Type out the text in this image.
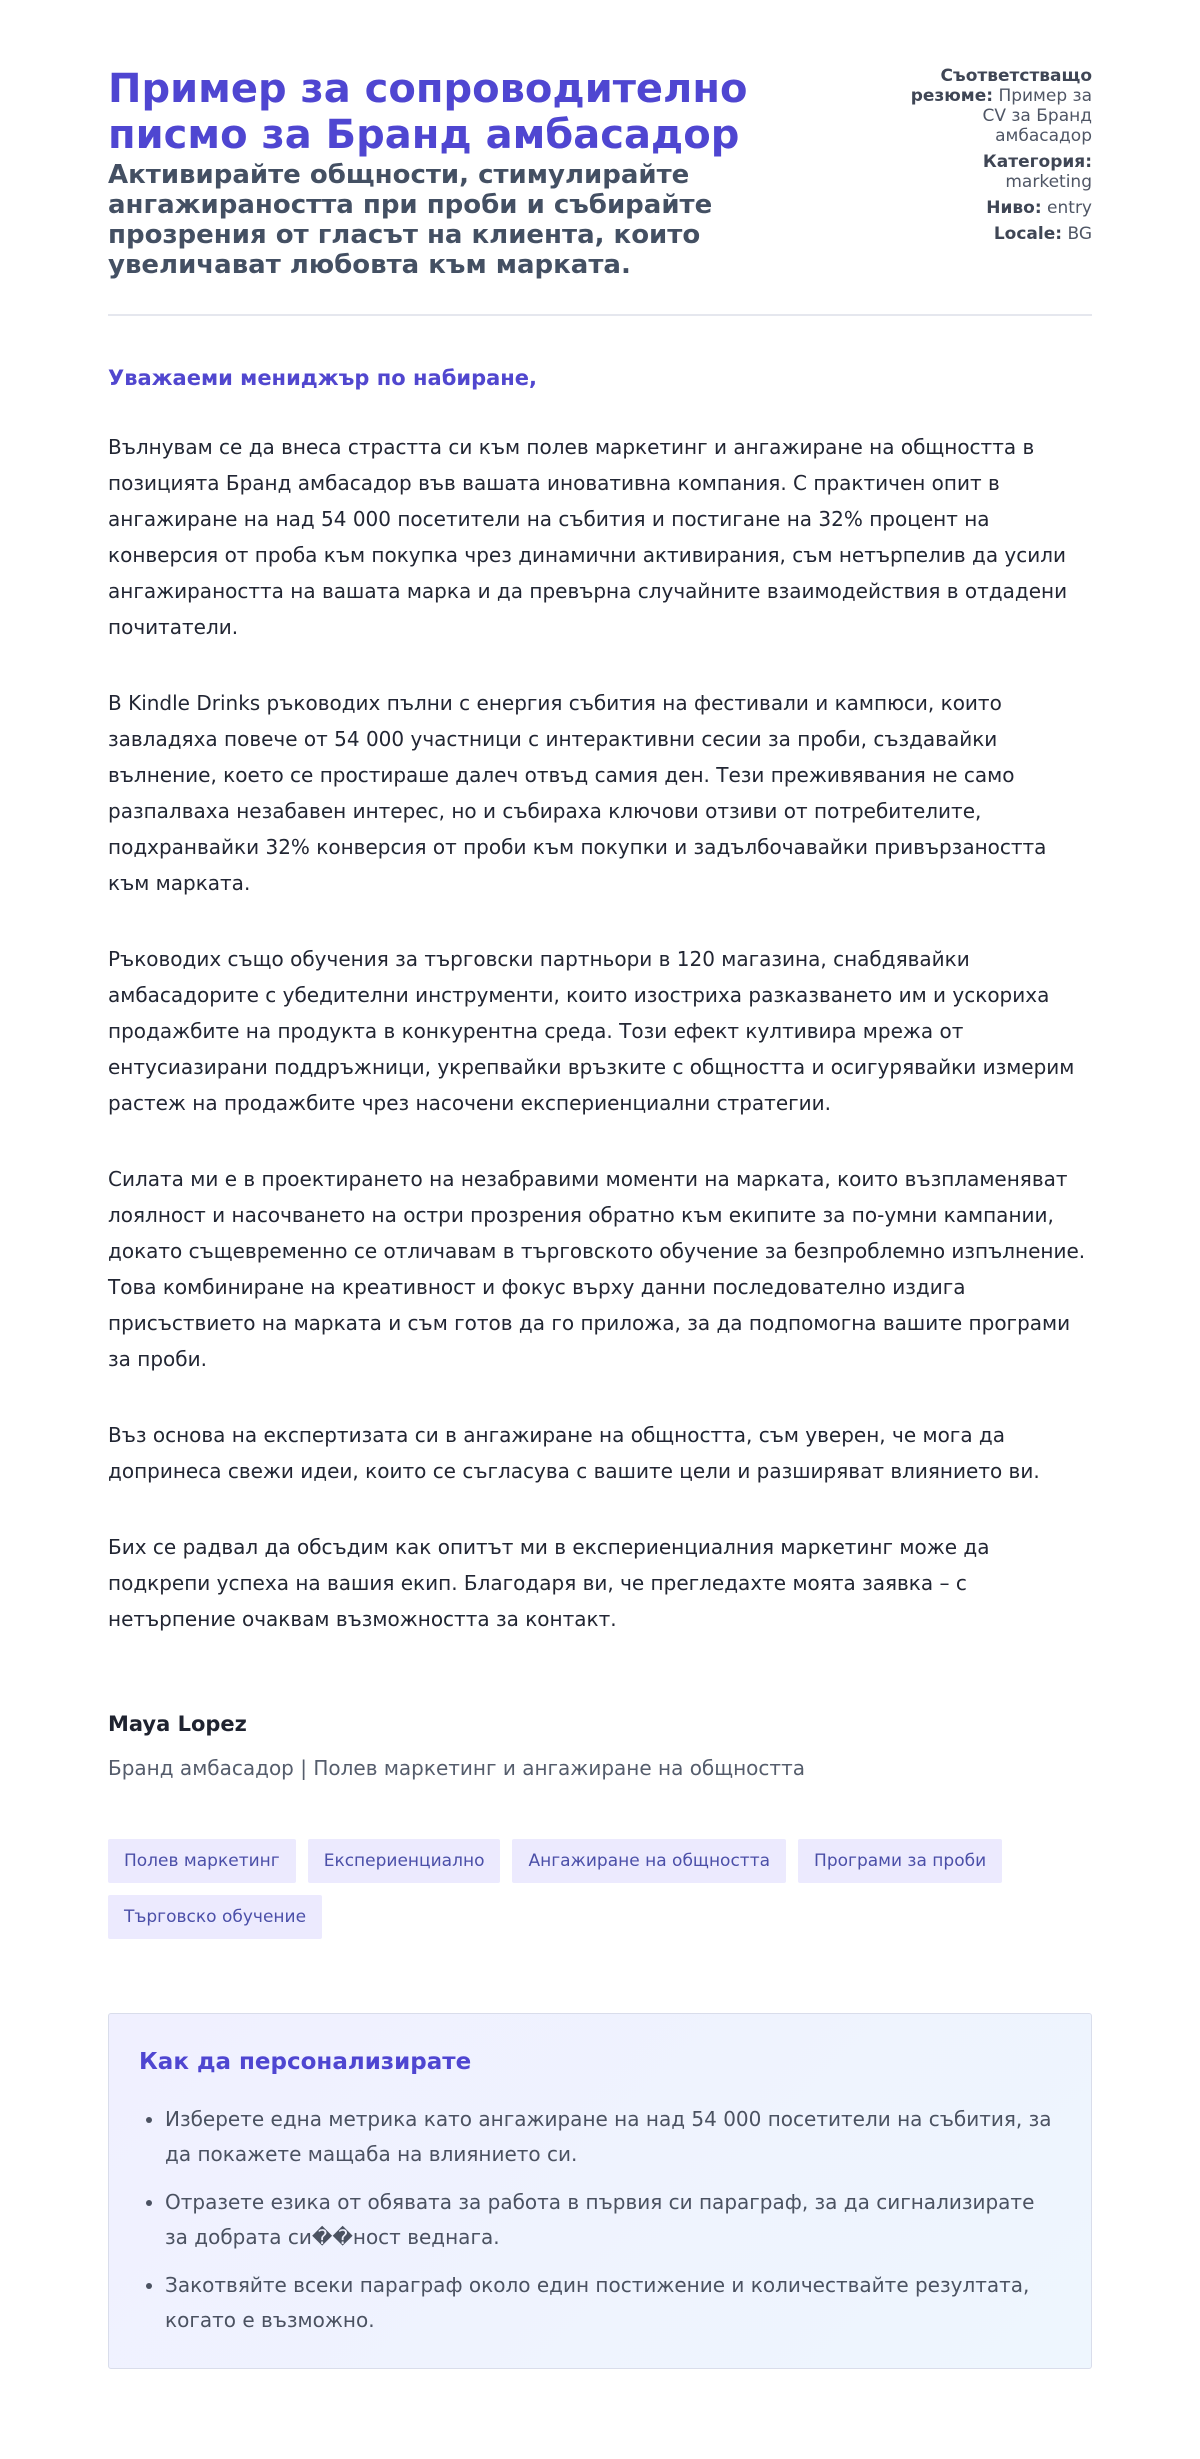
Пример за сопроводително писмо за Бранд амбасадор
Активирайте общности, стимулирайте ангажираността при проби и събирайте прозрения от гласът на клиента, които увеличават любовта към марката.
Съответстващо резюме: Пример за CV за Бранд амбасадор
Категория: marketing
Ниво: entry
Locale: BG

Уважаеми мениджър по набиране,

Вълнувам се да внеса страстта си към полев маркетинг и ангажиране на общността в позицията Бранд амбасадор във вашата иновативна компания. С практичен опит в ангажиране на над 54 000 посетители на събития и постигане на 32% процент на конверсия от проба към покупка чрез динамични активирания, съм нетърпелив да усили ангажираността на вашата марка и да превърна случайните взаимодействия в отдадени почитатели.

В Kindle Drinks ръководих пълни с енергия събития на фестивали и кампюси, които завладяха повече от 54 000 участници с интерактивни сесии за проби, създавайки вълнение, което се простираше далеч отвъд самия ден. Тези преживявания не само разпалваха незабавен интерес, но и събираха ключови отзиви от потребителите, подхранвайки 32% конверсия от проби към покупки и задълбочавайки привързаността към марката.

Ръководих също обучения за търговски партньори в 120 магазина, снабдявайки амбасадорите с убедителни инструменти, които изостриха разказването им и ускориха продажбите на продукта в конкурентна среда. Този ефект култивира мрежа от ентусиазирани поддръжници, укрепвайки връзките с общността и осигурявайки измерим растеж на продажбите чрез насочени експериенциални стратегии.

Силата ми е в проектирането на незабравими моменти на марката, които възпламеняват лоялност и насочването на остри прозрения обратно към екипите за по-умни кампании, докато същевременно се отличавам в търговското обучение за безпроблемно изпълнение. Това комбиниране на креативност и фокус върху данни последователно издига присъствието на марката и съм готов да го приложа, за да подпомогна вашите програми за проби.

Въз основа на експертизата си в ангажиране на общността, съм уверен, че мога да допринеса свежи идеи, които се съгласува с вашите цели и разширяват влиянието ви.

Бих се радвал да обсъдим как опитът ми в експериенциалния маркетинг може да подкрепи успеха на вашия екип. Благодаря ви, че прегледахте моята заявка – с нетърпение очаквам възможността за контакт.

Maya Lopez

Бранд амбасадор | Полев маркетинг и ангажиране на общността

Полев маркетинг	Експериенциално	Ангажиране на общността	Програми за проби
Търговско обучение
Как да персонализирате
• Изберете една метрика като ангажиране на над 54 000 посетители на събития, за да покажете мащаба на влиянието си.
• Отразете езика от обявата за работа в първия си параграф, за да сигнализирате за добрата си��ност веднага.
• Закотвяйте всеки параграф около един постижение и количеcтвайте резултата, когато е възможно.
